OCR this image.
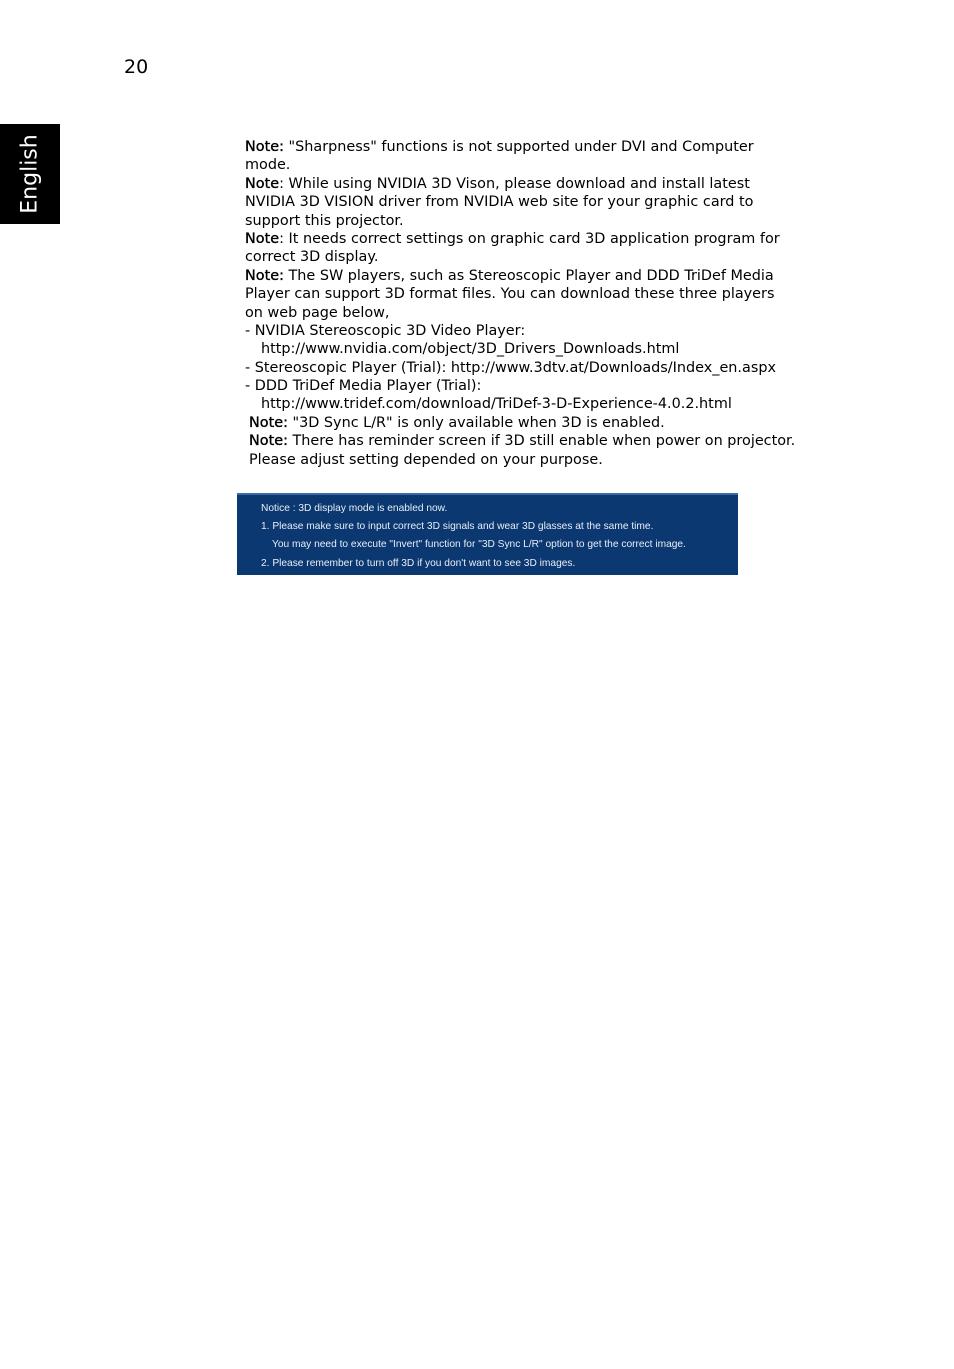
20
English	Note: "Sharpness" functions is not supported under DVI and Computer
mode.
Note: While using NVIDIA 3D Vison, please download and install latest
NVIDIA 3D VISION driver from NVIDIA web site for your graphic card to
support this projector.
Note: It needs correct settings on graphic card 3D application program for
correct 3D display.
Note: The SW players, such as Stereoscopic Player and DDD TriDef Media
Player can support 3D format files. You can download these three players
on web page below,
- NVIDIA Stereoscopic 3D Video Player:
http://www.nvidia.com/object/3D_Drivers_Downloads.html
- Stereoscopic Player (Trial): http://www.3dtv.at/Downloads/Index_en.aspx
- DDD TriDef Media Player (Trial):
http://www.tridef.com/download/TriDef-3-D-Experience-4.0.2.html
Note: "3D Sync L/R" is only available when 3D is enabled.
Note: There has reminder screen if 3D still enable when power on projector.
Please adjust setting depended on your purpose.
Notice : 3D display mode is enabled now.
1. Please make sure to input correct 3D signals and wear 3D glasses at the same time.
You may need to execute "Invert" function for "3D Sync L/R" option to get the correct image.
2. Please remember to turn off 3D if you don't want to see 3D images.
